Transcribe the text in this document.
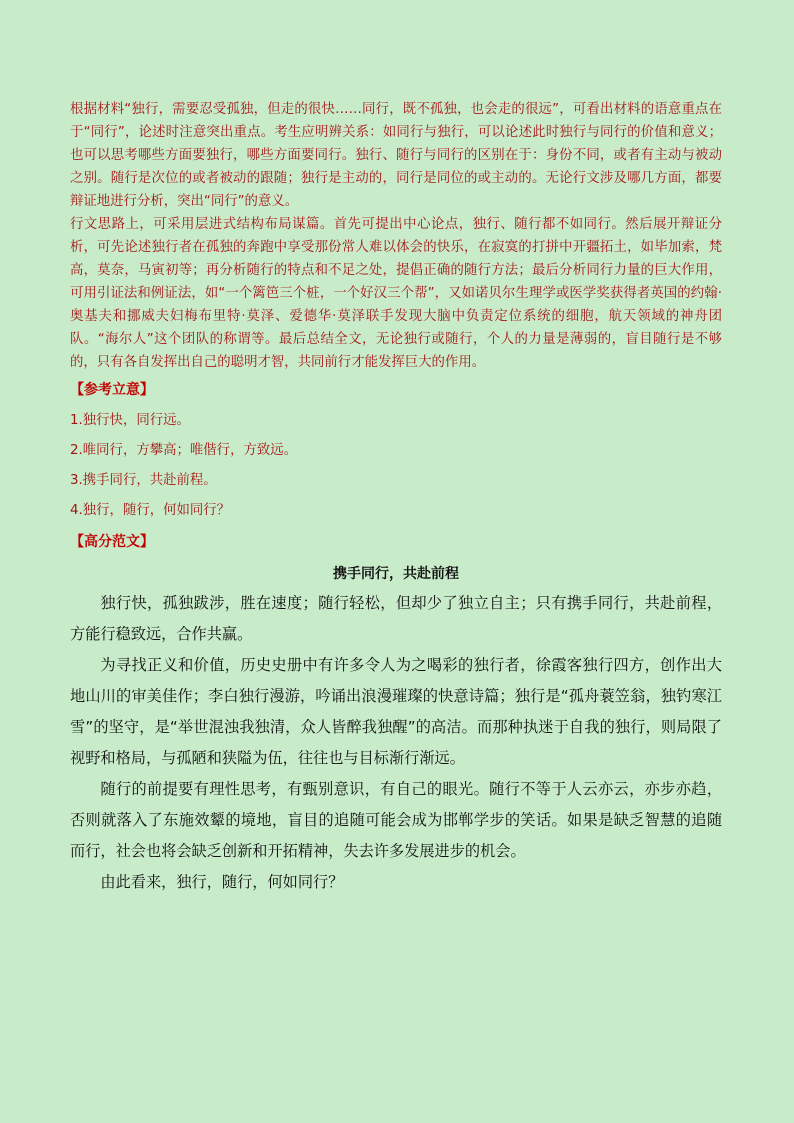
根据材料“独行，需要忍受孤独，但走的很快……同行，既不孤独，也会走的很远”，可看出材料的语意重点在于“同行”，论述时注意突出重点。考生应明辨关系：如同行与独行，可以论述此时独行与同行的价值和意义；也可以思考哪些方面要独行，哪些方面要同行。独行、随行与同行的区别在于：身份不同，或者有主动与被动之别。随行是次位的或者被动的跟随；独行是主动的，同行是同位的或主动的。无论行文涉及哪几方面，都要辩证地进行分析，突出“同行”的意义。

行文思路上，可采用层进式结构布局谋篇。首先可提出中心论点，独行、随行都不如同行。然后展开辩证分析，可先论述独行者在孤独的奔跑中享受那份常人难以体会的快乐，在寂寞的打拼中开疆拓土，如毕加索，梵高，莫奈，马寅初等；再分析随行的特点和不足之处，提倡正确的随行方法；最后分析同行力量的巨大作用，可用引证法和例证法，如“一个篱笆三个桩，一个好汉三个帮”，又如诺贝尔生理学或医学奖获得者英国的约翰·奥基夫和挪威夫妇梅布里特·莫泽、爱德华·莫泽联手发现大脑中负责定位系统的细胞，航天领域的神舟团队。“海尔人”这个团队的称谓等。最后总结全文，无论独行或随行，个人的力量是薄弱的，盲目随行是不够的，只有各自发挥出自己的聪明才智，共同前行才能发挥巨大的作用。

【参考立意】
1.独行快，同行远。
2.唯同行，方攀高；唯偕行，方致远。
3.携手同行，共赴前程。
4.独行，随行，何如同行？
【高分范文】
携手同行，共赴前程

独行快，孤独跋涉，胜在速度；随行轻松，但却少了独立自主；只有携手同行，共赴前程，方能行稳致远，合作共赢。

为寻找正义和价值，历史史册中有许多令人为之喝彩的独行者，徐霞客独行四方，创作出大地山川的审美佳作；李白独行漫游，吟诵出浪漫璀璨的快意诗篇；独行是“孤舟蓑笠翁，独钓寒江雪”的坚守，是“举世混浊我独清，众人皆醉我独醒”的高洁。而那种执迷于自我的独行，则局限了视野和格局，与孤陋和狭隘为伍，往往也与目标渐行渐远。

随行的前提要有理性思考，有甄别意识，有自己的眼光。随行不等于人云亦云，亦步亦趋，否则就落入了东施效颦的境地，盲目的追随可能会成为邯郸学步的笑话。如果是缺乏智慧的追随而行，社会也将会缺乏创新和开拓精神，失去许多发展进步的机会。

由此看来，独行，随行，何如同行？
